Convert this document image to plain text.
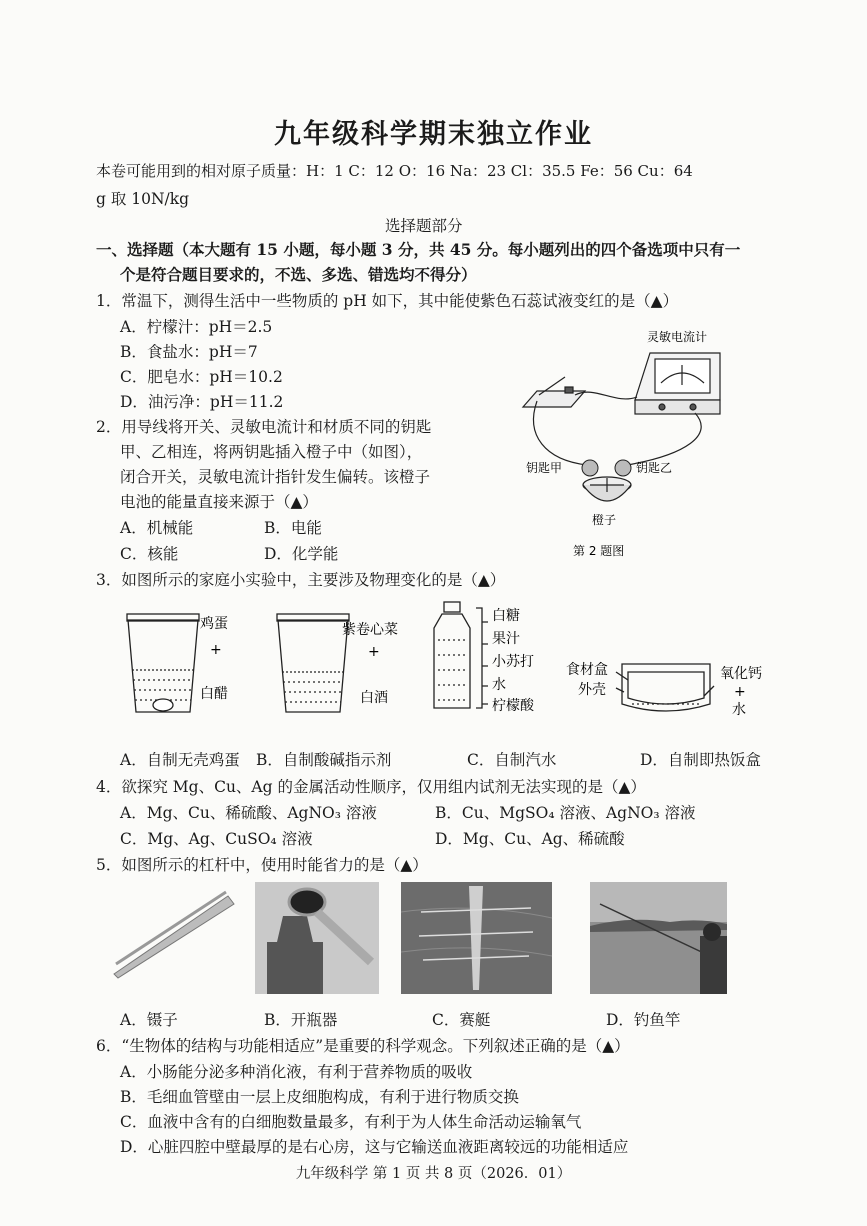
九年级科学期末独立作业
本卷可能用到的相对原子质量：H：1 C：12 O：16 Na：23 Cl：35.5 Fe：56 Cu：64
g 取 10N/kg
选择题部分
一、选择题（本大题有 15 小题，每小题 3 分，共 45 分。每小题列出的四个备选项中只有一
个是符合题目要求的，不选、多选、错选均不得分）
1．常温下，测得生活中一些物质的 pH 如下，其中能使紫色石蕊试液变红的是（▲）
A．柠檬汁：pH＝2.5
B．食盐水：pH＝7
C．肥皂水：pH＝10.2
D．油污净：pH＝11.2
2．用导线将开关、灵敏电流计和材质不同的钥匙
甲、乙相连，将两钥匙插入橙子中（如图），
闭合开关，灵敏电流计指针发生偏转。该橙子
电池的能量直接来源于（▲）
A．机械能	B．电能
C．核能	D．化学能
灵敏电流计
钥匙甲	钥匙乙
橙子
第 2 题图
3．如图所示的家庭小实验中，主要涉及物理变化的是（▲）
鸡蛋
+
白醋
紫卷心菜
+
白酒
白糖
果汁
小苏打
水
柠檬酸
食材盒
外壳
氧化钙
+
水
A．自制无壳鸡蛋 B．自制酸碱指示剂	C．自制汽水	D．自制即热饭盒
4．欲探究 Mg、Cu、Ag 的金属活动性顺序，仅用组内试剂无法实现的是（▲）
A．Mg、Cu、稀硫酸、AgNO₃ 溶液	B．Cu、MgSO₄ 溶液、AgNO₃ 溶液
C．Mg、Ag、CuSO₄ 溶液	D．Mg、Cu、Ag、稀硫酸
5．如图所示的杠杆中，使用时能省力的是（▲）
A．镊子	B．开瓶器	C．赛艇	D．钓鱼竿
6．“生物体的结构与功能相适应”是重要的科学观念。下列叙述正确的是（▲）
A．小肠能分泌多种消化液，有利于营养物质的吸收
B．毛细血管壁由一层上皮细胞构成，有利于进行物质交换
C．血液中含有的白细胞数量最多，有利于为人体生命活动运输氧气
D．心脏四腔中壁最厚的是右心房，这与它输送血液距离较远的功能相适应
九年级科学 第 1 页 共 8 页（2026．01）
